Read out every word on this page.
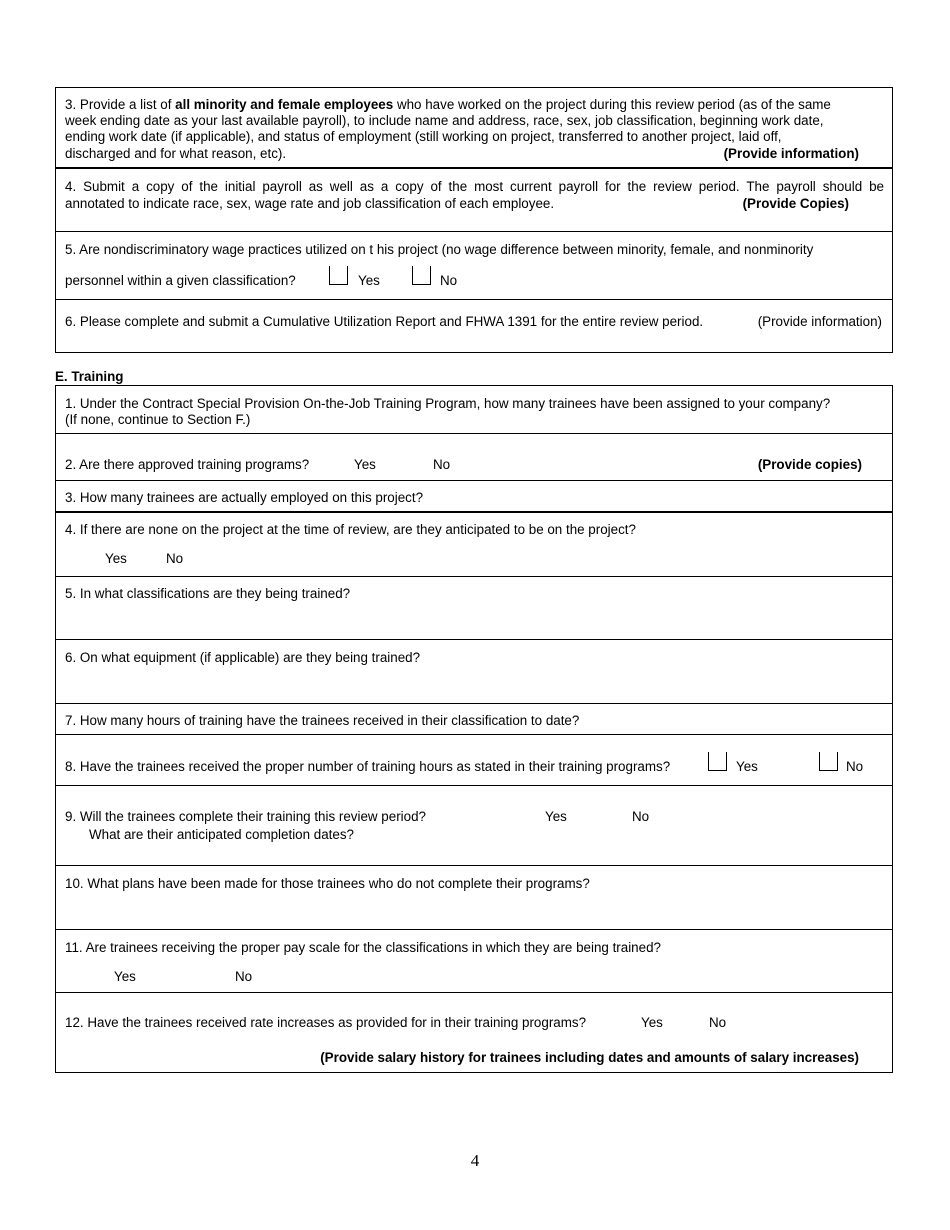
3. Provide a list of all minority and female employees who have worked on the project during this review period (as of the same
week ending date as your last available payroll), to include name and address, race, sex, job classification, beginning work date,
ending work date (if applicable), and status of employment (still working on project, transferred to another project, laid off,
discharged and for what reason, etc).	(Provide information)
4. Submit a copy of the initial payroll as well as a copy of the most current payroll for the review period. The payroll should be
annotated to indicate race, sex, wage rate and job classification of each employee.	(Provide Copies)
5. Are nondiscriminatory wage practices utilized on t his project (no wage difference between minority, female, and nonminority
personnel within a given classification?	Yes	No
6. Please complete and submit a Cumulative Utilization Report and FHWA 1391 for the entire review period.	(Provide information)
E. Training
1. Under the Contract Special Provision On-the-Job Training Program, how many trainees have been assigned to your company?
(If none, continue to Section F.)
2. Are there approved training programs?	Yes	No	(Provide copies)
3. How many trainees are actually employed on this project?
4. If there are none on the project at the time of review, are they anticipated to be on the project?
Yes	No
5. In what classifications are they being trained?
6. On what equipment (if applicable) are they being trained?
7. How many hours of training have the trainees received in their classification to date?
8. Have the trainees received the proper number of training hours as stated in their training programs?	Yes	No
9. Will the trainees complete their training this review period?	Yes	No
What are their anticipated completion dates?
10. What plans have been made for those trainees who do not complete their programs?
11. Are trainees receiving the proper pay scale for the classifications in which they are being trained?
Yes	No
12. Have the trainees received rate increases as provided for in their training programs?	Yes	No
(Provide salary history for trainees including dates and amounts of salary increases)
4
